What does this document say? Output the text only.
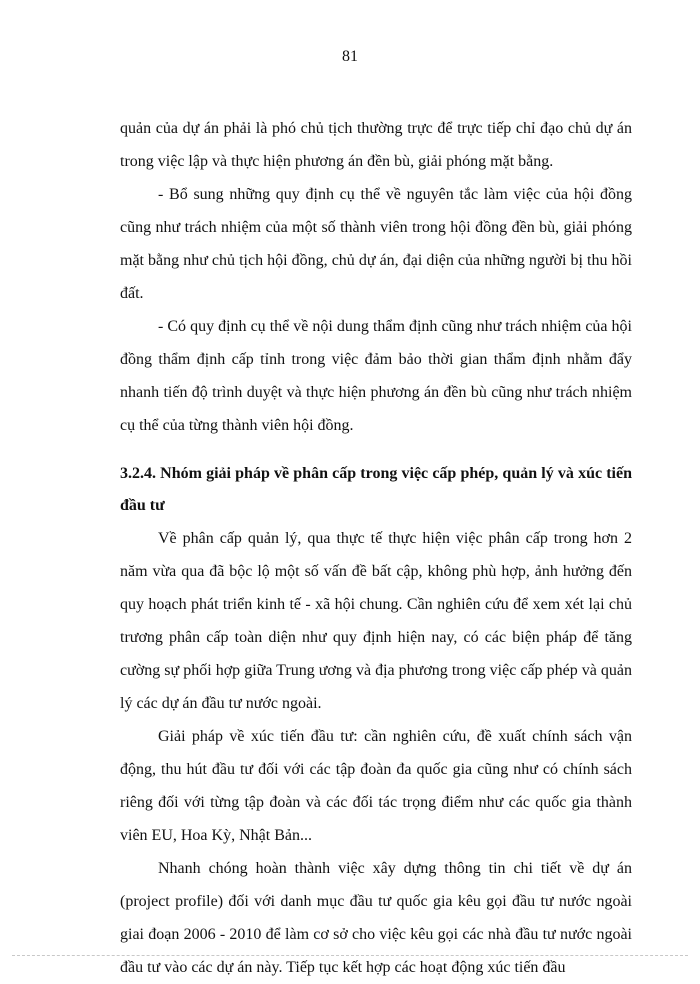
81

quản của dự án phải là phó chủ tịch thường trực để trực tiếp chỉ đạo chủ dự án trong việc lập và thực hiện phương án đền bù, giải phóng mặt bằng.

- Bổ sung những quy định cụ thể về nguyên tắc làm việc của hội đồng cũng như trách nhiệm của một số thành viên trong hội đồng đền bù, giải phóng mặt bằng như chủ tịch hội đồng, chủ dự án, đại diện của những người bị thu hồi đất.

- Có quy định cụ thể về nội dung thẩm định cũng như trách nhiệm của hội đồng thẩm định cấp tỉnh trong việc đảm bảo thời gian thẩm định nhằm đẩy nhanh tiến độ trình duyệt và thực hiện phương án đền bù cũng như trách nhiệm cụ thể của từng thành viên hội đồng.

3.2.4. Nhóm giải pháp về phân cấp trong việc cấp phép, quản lý và xúc tiến đầu tư

Về phân cấp quản lý, qua thực tế thực hiện việc phân cấp trong hơn 2 năm vừa qua đã bộc lộ một số vấn đề bất cập, không phù hợp, ảnh hưởng đến quy hoạch phát triển kinh tế - xã hội chung. Cần nghiên cứu để xem xét lại chủ trương phân cấp toàn diện như quy định hiện nay, có các biện pháp để tăng cường sự phối hợp giữa Trung ương và địa phương trong việc cấp phép và quản lý các dự án đầu tư nước ngoài.

Giải pháp về xúc tiến đầu tư: cần nghiên cứu, đề xuất chính sách vận động, thu hút đầu tư đối với các tập đoàn đa quốc gia cũng như có chính sách riêng đối với từng tập đoàn và các đối tác trọng điểm như các quốc gia thành viên EU, Hoa Kỳ, Nhật Bản...

Nhanh chóng hoàn thành việc xây dựng thông tin chi tiết về dự án (project profile) đối với danh mục đầu tư quốc gia kêu gọi đầu tư nước ngoài giai đoạn 2006 - 2010 để làm cơ sở cho việc kêu gọi các nhà đầu tư nước ngoài đầu tư vào các dự án này. Tiếp tục kết hợp các hoạt động xúc tiến đầu
